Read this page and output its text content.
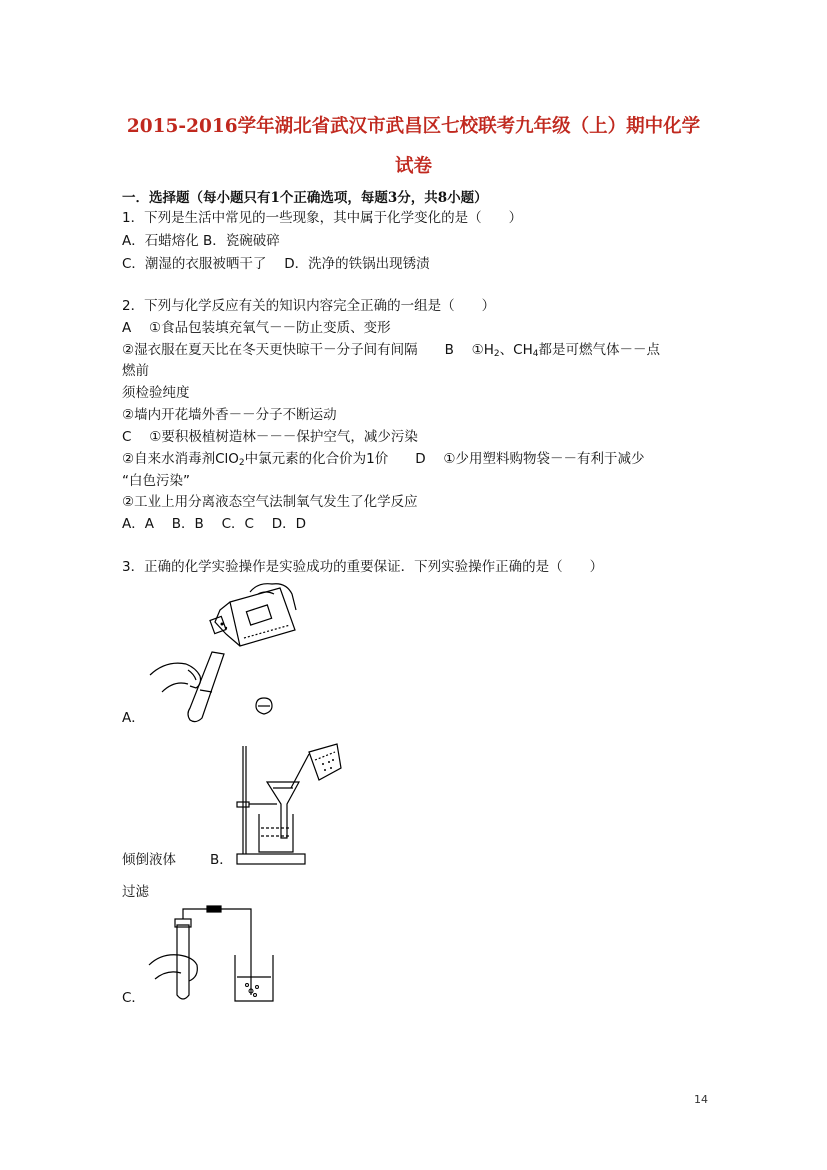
2015-2016学年湖北省武汉市武昌区七校联考九年级（上）期中化学
试卷
一．选择题（每小题只有1个正确选项，每题3分，共8小题）
1．下列是生活中常见的一些现象，其中属于化学变化的是（　　）
A．石蜡熔化 B．瓷碗破碎
C．潮湿的衣服被晒干了　 D．洗净的铁锅出现锈渍
2．下列与化学反应有关的知识内容完全正确的一组是（　　）
A　 ①食品包装填充氧气－－防止变质、变形
②湿衣服在夏天比在冬天更快晾干－分子间有间隔　　B　 $①H_2$、$CH_4$都是可燃气体－－点
燃前
须检验纯度
②墙内开花墙外香－－分子不断运动
C　 ①要积极植树造林－－－保护空气，减少污染
②自来水消毒剂ClO$_2$中氯元素的化合价为1价　　D　 ①少用塑料购物袋－－有利于减少
“白色污染”
②工业上用分离液态空气法制氧气发生了化学反应
A．A　 B．B　 C．C　 D．D
3．正确的化学实验操作是实验成功的重要保证．下列实验操作正确的是（　　）
A．
倾倒液体	B．
过滤
C．
14
